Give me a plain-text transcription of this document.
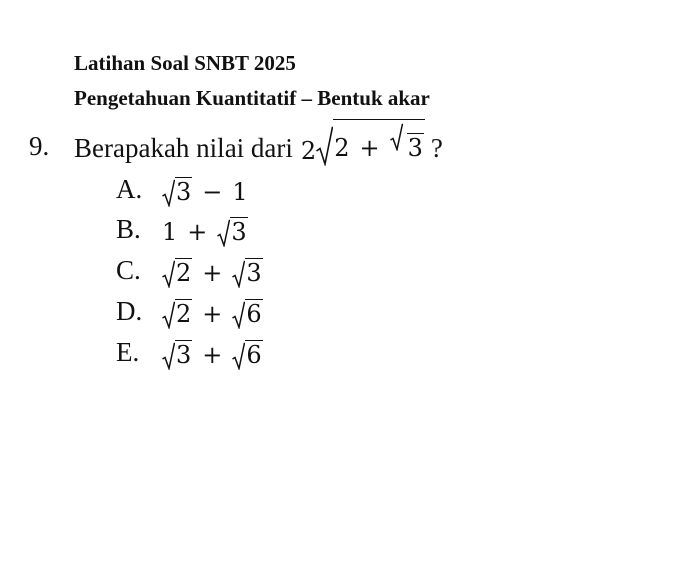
Latihan Soal SNBT 2025
Pengetahuan Kuantitatif – Bentuk akar
9. Berapakah nilai dari 2 2 +	3 ?
A.	3 − 1
B. 1 +	3
C.	2 +	3
D.	2 +	6
E.	3 +	6
